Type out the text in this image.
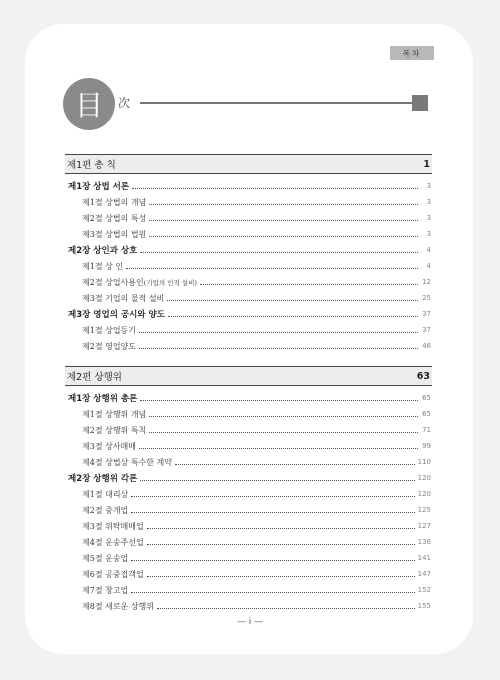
목차
目	次
제1편 총 칙	1
제1장 상법 서론	3
제1절 상법의 개념	3
제2절 상법의 특성	3
제3절 상법의 법원	3
제2장 상인과 상호	4
제1절 상 인	4
제2절 상업사용인(기업의 인적 설비)	12
제3절 기업의 물적 설비	25
제3장 영업의 공시와 양도	37
제1절 상업등기	37
제2절 영업양도	46
제2편 상행위	63
제1장 상행위 총론	65
제1절 상행위 개념	65
제2절 상행위 특칙	71
제3절 상사매매	99
제4절 상법상 특수한 계약	110
제2장 상행위 각론	120
제1절 대리상	120
제2절 중개업	125
제3절 위탁매매업	127
제4절 운송주선업	136
제5절 운송업	141
제6절 공중접객업	147
제7절 창고업	152
제8절 새로운 상행위	155
— i —
